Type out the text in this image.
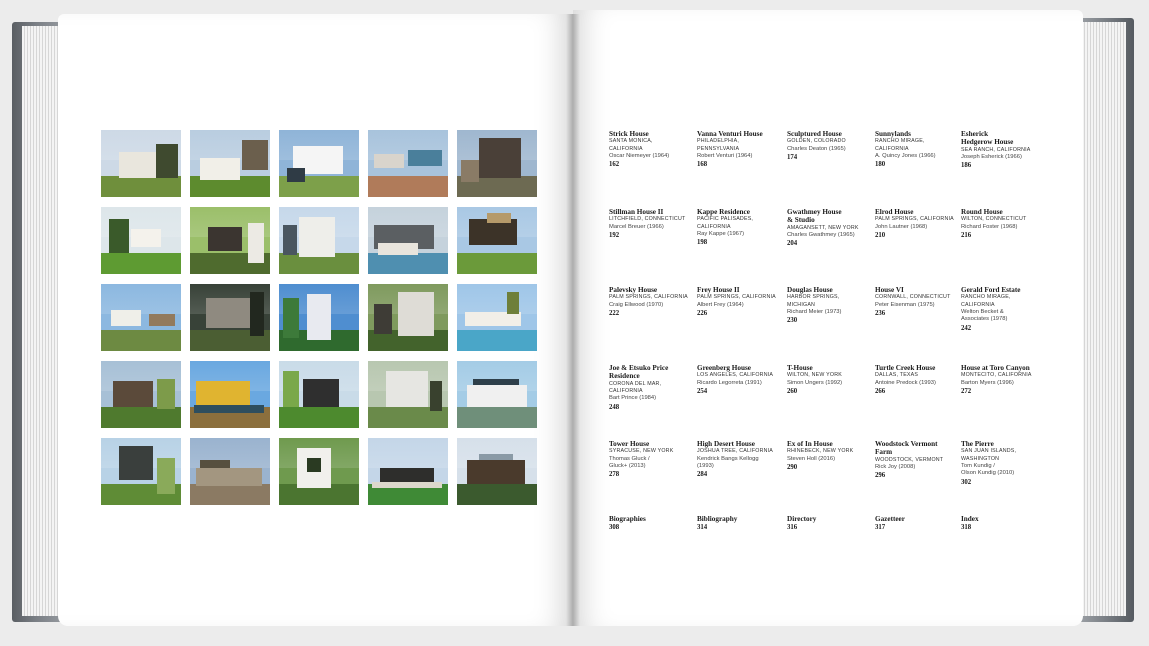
Strick House
SANTA MONICA,
CALIFORNIA
Oscar Niemeyer (1964)
162
Vanna Venturi House
PHILADELPHIA,
PENNSYLVANIA
Robert Venturi (1964)
168
Sculptured House
GOLDEN, COLORADO
Charles Deaton (1965)
174
Sunnylands
RANCHO MIRAGE,
CALIFORNIA
A. Quincy Jones (1966)
180
Esherick
Hedgerow House
SEA RANCH, CALIFORNIA
Joseph Esherick (1966)
186
Stillman House II
LITCHFIELD, CONNECTICUT
Marcel Breuer (1966)
192
Kappe Residence
PACIFIC PALISADES,
CALIFORNIA
Ray Kappe (1967)
198
Gwathmey House
& Studio
AMAGANSETT, NEW YORK
Charles Gwathmey (1965)
204
Elrod House
PALM SPRINGS, CALIFORNIA
John Lautner (1968)
210
Round House
WILTON, CONNECTICUT
Richard Foster (1968)
216
Palevsky House
PALM SPRINGS, CALIFORNIA
Craig Ellwood (1970)
222
Frey House II
PALM SPRINGS, CALIFORNIA
Albert Frey (1964)
226
Douglas House
HARBOR SPRINGS,
MICHIGAN
Richard Meier (1973)
230
House VI
CORNWALL, CONNECTICUT
Peter Eisenman (1975)
236
Gerald Ford Estate
RANCHO MIRAGE,
CALIFORNIA
Welton Becket &
Associates (1978)
242
Joe & Etsuko Price
Residence
CORONA DEL MAR,
CALIFORNIA
Bart Prince (1984)
248
Greenberg House
LOS ANGELES, CALIFORNIA
Ricardo Legorreta (1991)
254
T-House
WILTON, NEW YORK
Simon Ungers (1992)
260
Turtle Creek House
DALLAS, TEXAS
Antoine Predock (1993)
266
House at Toro Canyon
MONTECITO, CALIFORNIA
Barton Myers (1996)
272
Tower House
SYRACUSE, NEW YORK
Thomas Gluck /
Gluck+ (2013)
278
High Desert House
JOSHUA TREE, CALIFORNIA
Kendrick Bangs Kellogg
(1993)
284
Ex of In House
RHINEBECK, NEW YORK
Steven Holl (2016)
290
Woodstock Vermont
Farm
WOODSTOCK, VERMONT
Rick Joy (2008)
296
The Pierre
SAN JUAN ISLANDS,
WASHINGTON
Tom Kundig /
Olson Kundig (2010)
302
Biographies
308
Bibliography
314
Directory
316
Gazetteer
317
Index
318
